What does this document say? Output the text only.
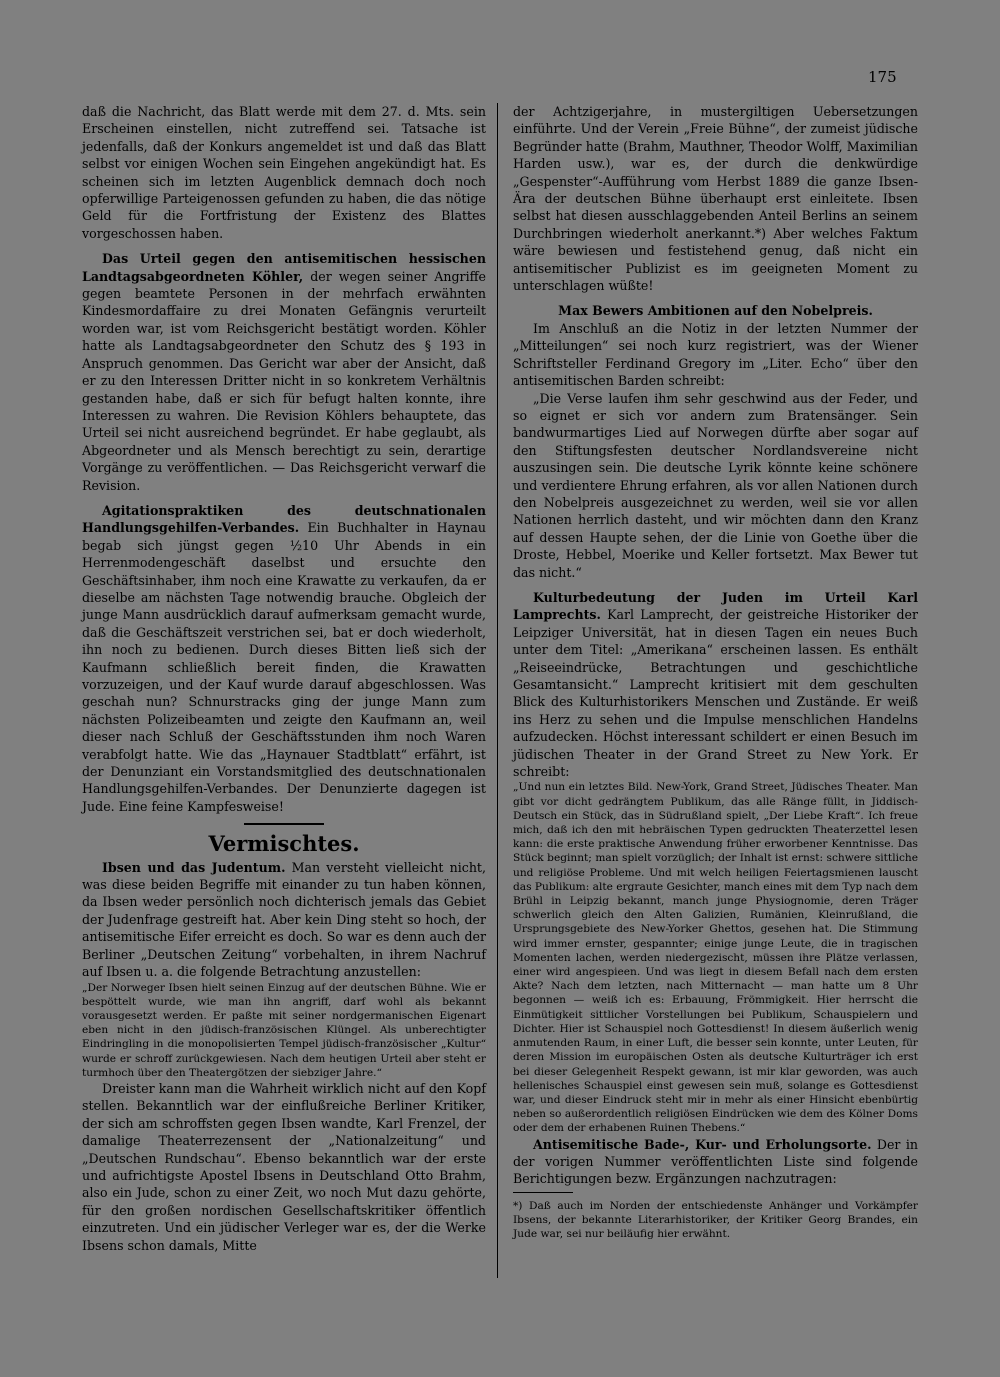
175

daß die Nachricht, das Blatt werde mit dem 27. d. Mts. sein Erscheinen einstellen, nicht zutreffend sei. Tatsache ist jedenfalls, daß der Konkurs angemeldet ist und daß das Blatt selbst vor einigen Wochen sein Eingehen angekündigt hat. Es scheinen sich im letzten Augenblick demnach doch noch opferwillige Parteigenossen gefunden zu haben, die das nötige Geld für die Fortfristung der Existenz des Blattes vorgeschossen haben.

Das Urteil gegen den antisemitischen hessischen Landtagsabgeordneten Köhler, der wegen seiner Angriffe gegen beamtete Personen in der mehrfach erwähnten Kindesmordaffaire zu drei Monaten Gefängnis verurteilt worden war, ist vom Reichsgericht bestätigt worden. Köhler hatte als Landtagsabgeordneter den Schutz des § 193 in Anspruch genommen. Das Gericht war aber der Ansicht, daß er zu den Interessen Dritter nicht in so konkretem Verhältnis gestanden habe, daß er sich für befugt halten konnte, ihre Interessen zu wahren. Die Revision Köhlers behauptete, das Urteil sei nicht ausreichend begründet. Er habe geglaubt, als Abgeordneter und als Mensch berechtigt zu sein, derartige Vorgänge zu veröffentlichen. — Das Reichsgericht verwarf die Revision.

Agitationspraktiken des deutschnationalen Handlungsgehilfen-Verbandes. Ein Buchhalter in Haynau begab sich jüngst gegen ½10 Uhr Abends in ein Herrenmodengeschäft daselbst und ersuchte den Geschäftsinhaber, ihm noch eine Krawatte zu verkaufen, da er dieselbe am nächsten Tage notwendig brauche. Obgleich der junge Mann ausdrücklich darauf aufmerksam gemacht wurde, daß die Geschäftszeit verstrichen sei, bat er doch wiederholt, ihn noch zu bedienen. Durch dieses Bitten ließ sich der Kaufmann schließlich bereit finden, die Krawatten vorzuzeigen, und der Kauf wurde darauf abgeschlossen. Was geschah nun? Schnurstracks ging der junge Mann zum nächsten Polizeibeamten und zeigte den Kaufmann an, weil dieser nach Schluß der Geschäftsstunden ihm noch Waren verabfolgt hatte. Wie das „Haynauer Stadtblatt“ erfährt, ist der Denunziant ein Vorstandsmitglied des deutschnationalen Handlungsgehilfen-Verbandes. Der Denunzierte dagegen ist Jude. Eine feine Kampfesweise!

Vermischtes.

Ibsen und das Judentum. Man versteht vielleicht nicht, was diese beiden Begriffe mit einander zu tun haben können, da Ibsen weder persönlich noch dichterisch jemals das Gebiet der Judenfrage gestreift hat. Aber kein Ding steht so hoch, der antisemitische Eifer erreicht es doch. So war es denn auch der Berliner „Deutschen Zeitung“ vorbehalten, in ihrem Nachruf auf Ibsen u. a. die folgende Betrachtung anzustellen:

„Der Norweger Ibsen hielt seinen Einzug auf der deutschen Bühne. Wie er bespöttelt wurde, wie man ihn angriff, darf wohl als bekannt vorausgesetzt werden. Er paßte mit seiner nordgermanischen Eigenart eben nicht in den jüdisch-französischen Klüngel. Als unberechtigter Eindringling in die monopolisierten Tempel jüdisch-französischer „Kultur“ wurde er schroff zurückgewiesen. Nach dem heutigen Urteil aber steht er turmhoch über den Theatergötzen der siebziger Jahre.“

Dreister kann man die Wahrheit wirklich nicht auf den Kopf stellen. Bekanntlich war der einflußreiche Berliner Kritiker, der sich am schroffsten gegen Ibsen wandte, Karl Frenzel, der damalige Theaterrezensent der „Nationalzeitung“ und „Deutschen Rundschau“. Ebenso bekanntlich war der erste und aufrichtigste Apostel Ibsens in Deutschland Otto Brahm, also ein Jude, schon zu einer Zeit, wo noch Mut dazu gehörte, für den großen nordischen Gesellschaftskritiker öffentlich einzutreten. Und ein jüdischer Verleger war es, der die Werke Ibsens schon damals, Mitte

der Achtzigerjahre, in mustergiltigen Uebersetzungen einführte. Und der Verein „Freie Bühne“, der zumeist jüdische Begründer hatte (Brahm, Mauthner, Theodor Wolff, Maximilian Harden usw.), war es, der durch die denkwürdige „Gespenster“-Aufführung vom Herbst 1889 die ganze Ibsen-Ära der deutschen Bühne überhaupt erst einleitete. Ibsen selbst hat diesen ausschlaggebenden Anteil Berlins an seinem Durchbringen wiederholt anerkannt.*) Aber welches Faktum wäre bewiesen und festistehend genug, daß nicht ein antisemitischer Publizist es im geeigneten Moment zu unterschlagen wüßte!

Max Bewers Ambitionen auf den Nobelpreis.

Im Anschluß an die Notiz in der letzten Nummer der „Mitteilungen“ sei noch kurz registriert, was der Wiener Schriftsteller Ferdinand Gregory im „Liter. Echo“ über den antisemitischen Barden schreibt:

„Die Verse laufen ihm sehr geschwind aus der Feder, und so eignet er sich vor andern zum Bratensänger. Sein bandwurmartiges Lied auf Norwegen dürfte aber sogar auf den Stiftungsfesten deutscher Nordlandsvereine nicht auszusingen sein. Die deutsche Lyrik könnte keine schönere und verdientere Ehrung erfahren, als vor allen Nationen durch den Nobelpreis ausgezeichnet zu werden, weil sie vor allen Nationen herrlich dasteht, und wir möchten dann den Kranz auf dessen Haupte sehen, der die Linie von Goethe über die Droste, Hebbel, Moerike und Keller fortsetzt. Max Bewer tut das nicht.“

Kulturbedeutung der Juden im Urteil Karl Lamprechts. Karl Lamprecht, der geistreiche Historiker der Leipziger Universität, hat in diesen Tagen ein neues Buch unter dem Titel: „Amerikana“ erscheinen lassen. Es enthält „Reiseeindrücke, Betrachtungen und geschichtliche Gesamtansicht.“ Lamprecht kritisiert mit dem geschulten Blick des Kulturhistorikers Menschen und Zustände. Er weiß ins Herz zu sehen und die Impulse menschlichen Handelns aufzudecken. Höchst interessant schildert er einen Besuch im jüdischen Theater in der Grand Street zu New York. Er schreibt:

„Und nun ein letztes Bild. New-York, Grand Street, Jüdisches Theater. Man gibt vor dicht gedrängtem Publikum, das alle Ränge füllt, in Jiddisch-Deutsch ein Stück, das in Südrußland spielt, „Der Liebe Kraft“. Ich freue mich, daß ich den mit hebräischen Typen gedruckten Theaterzettel lesen kann: die erste praktische Anwendung früher erworbener Kenntnisse. Das Stück beginnt; man spielt vorzüglich; der Inhalt ist ernst: schwere sittliche und religiöse Probleme. Und mit welch heiligen Feiertagsmienen lauscht das Publikum: alte ergraute Gesichter, manch eines mit dem Typ nach dem Brühl in Leipzig bekannt, manch junge Physiognomie, deren Träger schwerlich gleich den Alten Galizien, Rumänien, Kleinrußland, die Ursprungsgebiete des New-Yorker Ghettos, gesehen hat. Die Stimmung wird immer ernster, gespannter; einige junge Leute, die in tragischen Momenten lachen, werden niedergezischt, müssen ihre Plätze verlassen, einer wird angespieen. Und was liegt in diesem Befall nach dem ersten Akte? Nach dem letzten, nach Mitternacht — man hatte um 8 Uhr begonnen — weiß ich es: Erbauung, Frömmigkeit. Hier herrscht die Einmütigkeit sittlicher Vorstellungen bei Publikum, Schauspielern und Dichter. Hier ist Schauspiel noch Gottesdienst! In diesem äußerlich wenig anmutenden Raum, in einer Luft, die besser sein konnte, unter Leuten, für deren Mission im europäischen Osten als deutsche Kulturträger ich erst bei dieser Gelegenheit Respekt gewann, ist mir klar geworden, was auch hellenisches Schauspiel einst gewesen sein muß, solange es Gottesdienst war, und dieser Eindruck steht mir in mehr als einer Hinsicht ebenbürtig neben so außerordentlich religiösen Eindrücken wie dem des Kölner Doms oder dem der erhabenen Ruinen Thebens.“

Antisemitische Bade-, Kur- und Erholungsorte. Der in der vorigen Nummer veröffentlichten Liste sind folgende Berichtigungen bezw. Ergänzungen nachzutragen:

*) Daß auch im Norden der entschiedenste Anhänger und Vorkämpfer Ibsens, der bekannte Literarhistoriker, der Kritiker Georg Brandes, ein Jude war, sei nur beiläufig hier erwähnt.
